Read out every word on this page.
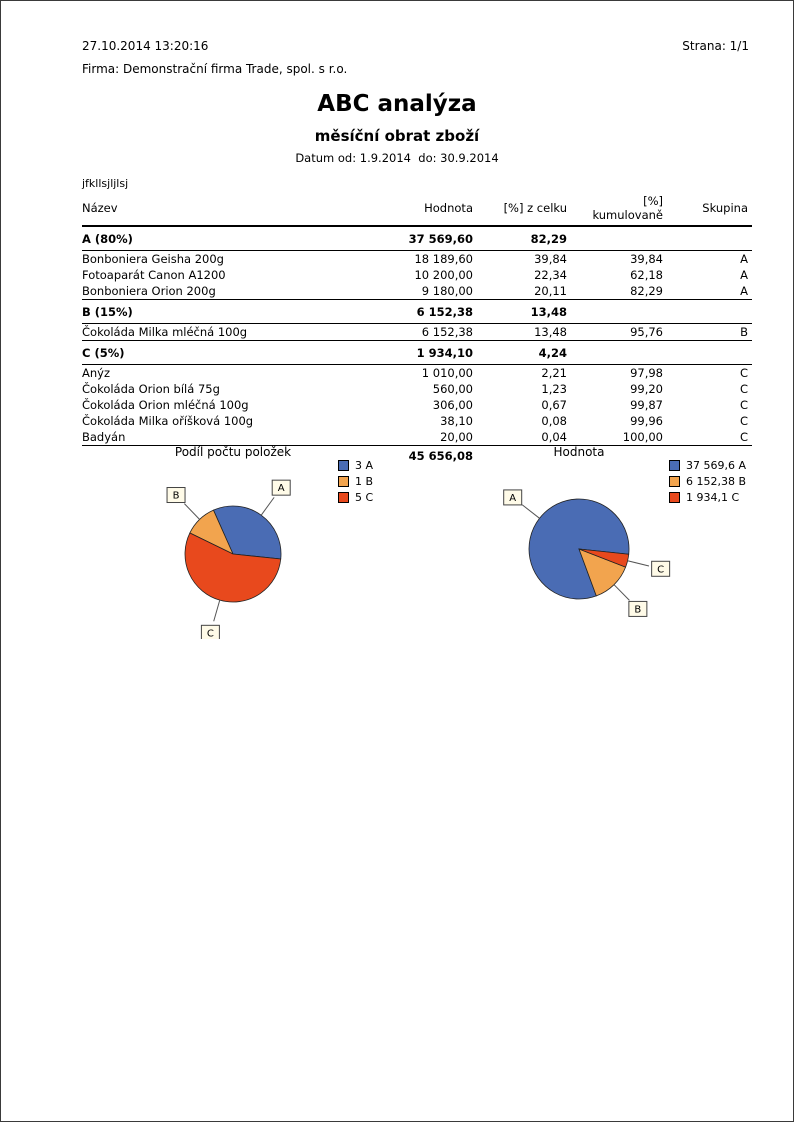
27.10.2014 13:20:16	Strana: 1/1
Firma: Demonstrační firma Trade, spol. s r.o.
ABC analýza
měsíční obrat zboží
Datum od: 1.9.2014  do: 30.9.2014
jfkllsjljlsj
Název	Hodnota	[%] z celku	[%] kumulovaně	Skupina
A (80%)	37 569,60	82,29		
Bonboniera Geisha 200g	18 189,60	39,84	39,84	A
Fotoaparát Canon A1200	10 200,00	22,34	62,18	A
Bonboniera Orion 200g	9 180,00	20,11	82,29	A
B (15%)	6 152,38	13,48		
Čokoláda Milka mléčná 100g	6 152,38	13,48	95,76	B
C (5%)	1 934,10	4,24		
Anýz	1 010,00	2,21	97,98	C
Čokoláda Orion bílá 75g	560,00	1,23	99,20	C
Čokoláda Orion mléčná 100g	306,00	0,67	99,87	C
Čokoláda Milka oříšková 100g	38,10	0,08	99,96	C
Badyán	20,00	0,04	100,00	C
	45 656,08			
Podíl počtu položek
A
B
C
3 A
1 B
5 C
Hodnota
A
B
C
37 569,6 A
6 152,38 B
1 934,1 C
